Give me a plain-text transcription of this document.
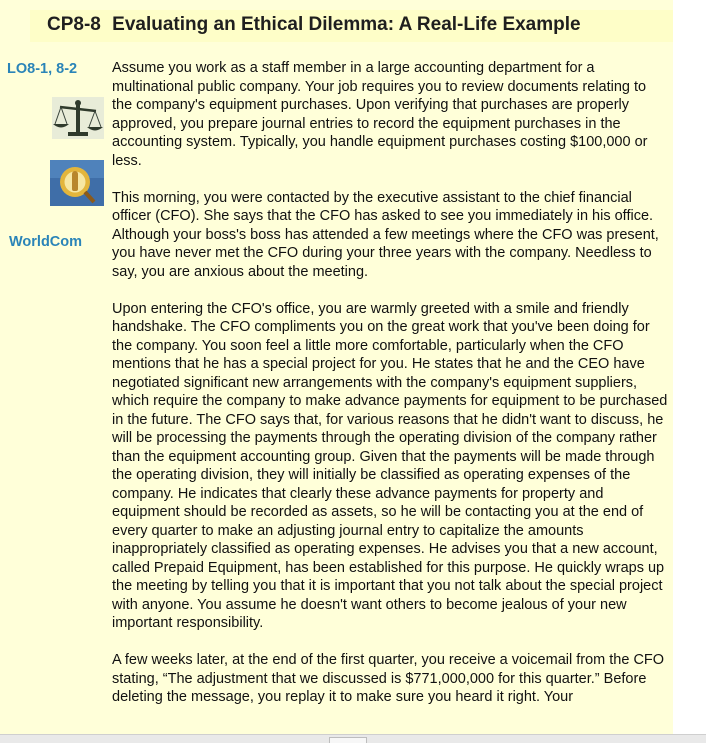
CP8-8 Evaluating an Ethical Dilemma: A Real-Life Example
LO8-1, 8-2
WorldCom

Assume you work as a staff member in a large accounting department for a multinational public company. Your job requires you to review documents relating to the company's equipment purchases. Upon verifying that purchases are properly approved, you prepare journal entries to record the equipment purchases in the accounting system. Typically, you handle equipment purchases costing $100,000 or less.

This morning, you were contacted by the executive assistant to the chief financial officer (CFO). She says that the CFO has asked to see you immediately in his office. Although your boss's boss has attended a few meetings where the CFO was present, you have never met the CFO during your three years with the company. Needless to say, you are anxious about the meeting.

Upon entering the CFO's office, you are warmly greeted with a smile and friendly handshake. The CFO compliments you on the great work that you've been doing for the company. You soon feel a little more comfortable, particularly when the CFO mentions that he has a special project for you. He states that he and the CEO have negotiated significant new arrangements with the company's equipment suppliers, which require the company to make advance payments for equipment to be purchased in the future. The CFO says that, for various reasons that he didn't want to discuss, he will be processing the payments through the operating division of the company rather than the equipment accounting group. Given that the payments will be made through the operating division, they will initially be classified as operating expenses of the company. He indicates that clearly these advance payments for property and equipment should be recorded as assets, so he will be contacting you at the end of every quarter to make an adjusting journal entry to capitalize the amounts inappropriately classified as operating expenses. He advises you that a new account, called Prepaid Equipment, has been established for this purpose. He quickly wraps up the meeting by telling you that it is important that you not talk about the special project with anyone. You assume he doesn't want others to become jealous of your new important responsibility.

A few weeks later, at the end of the first quarter, you receive a voicemail from the CFO stating, “The adjustment that we discussed is $771,000,000 for this quarter.” Before deleting the message, you replay it to make sure you heard it right. Your
